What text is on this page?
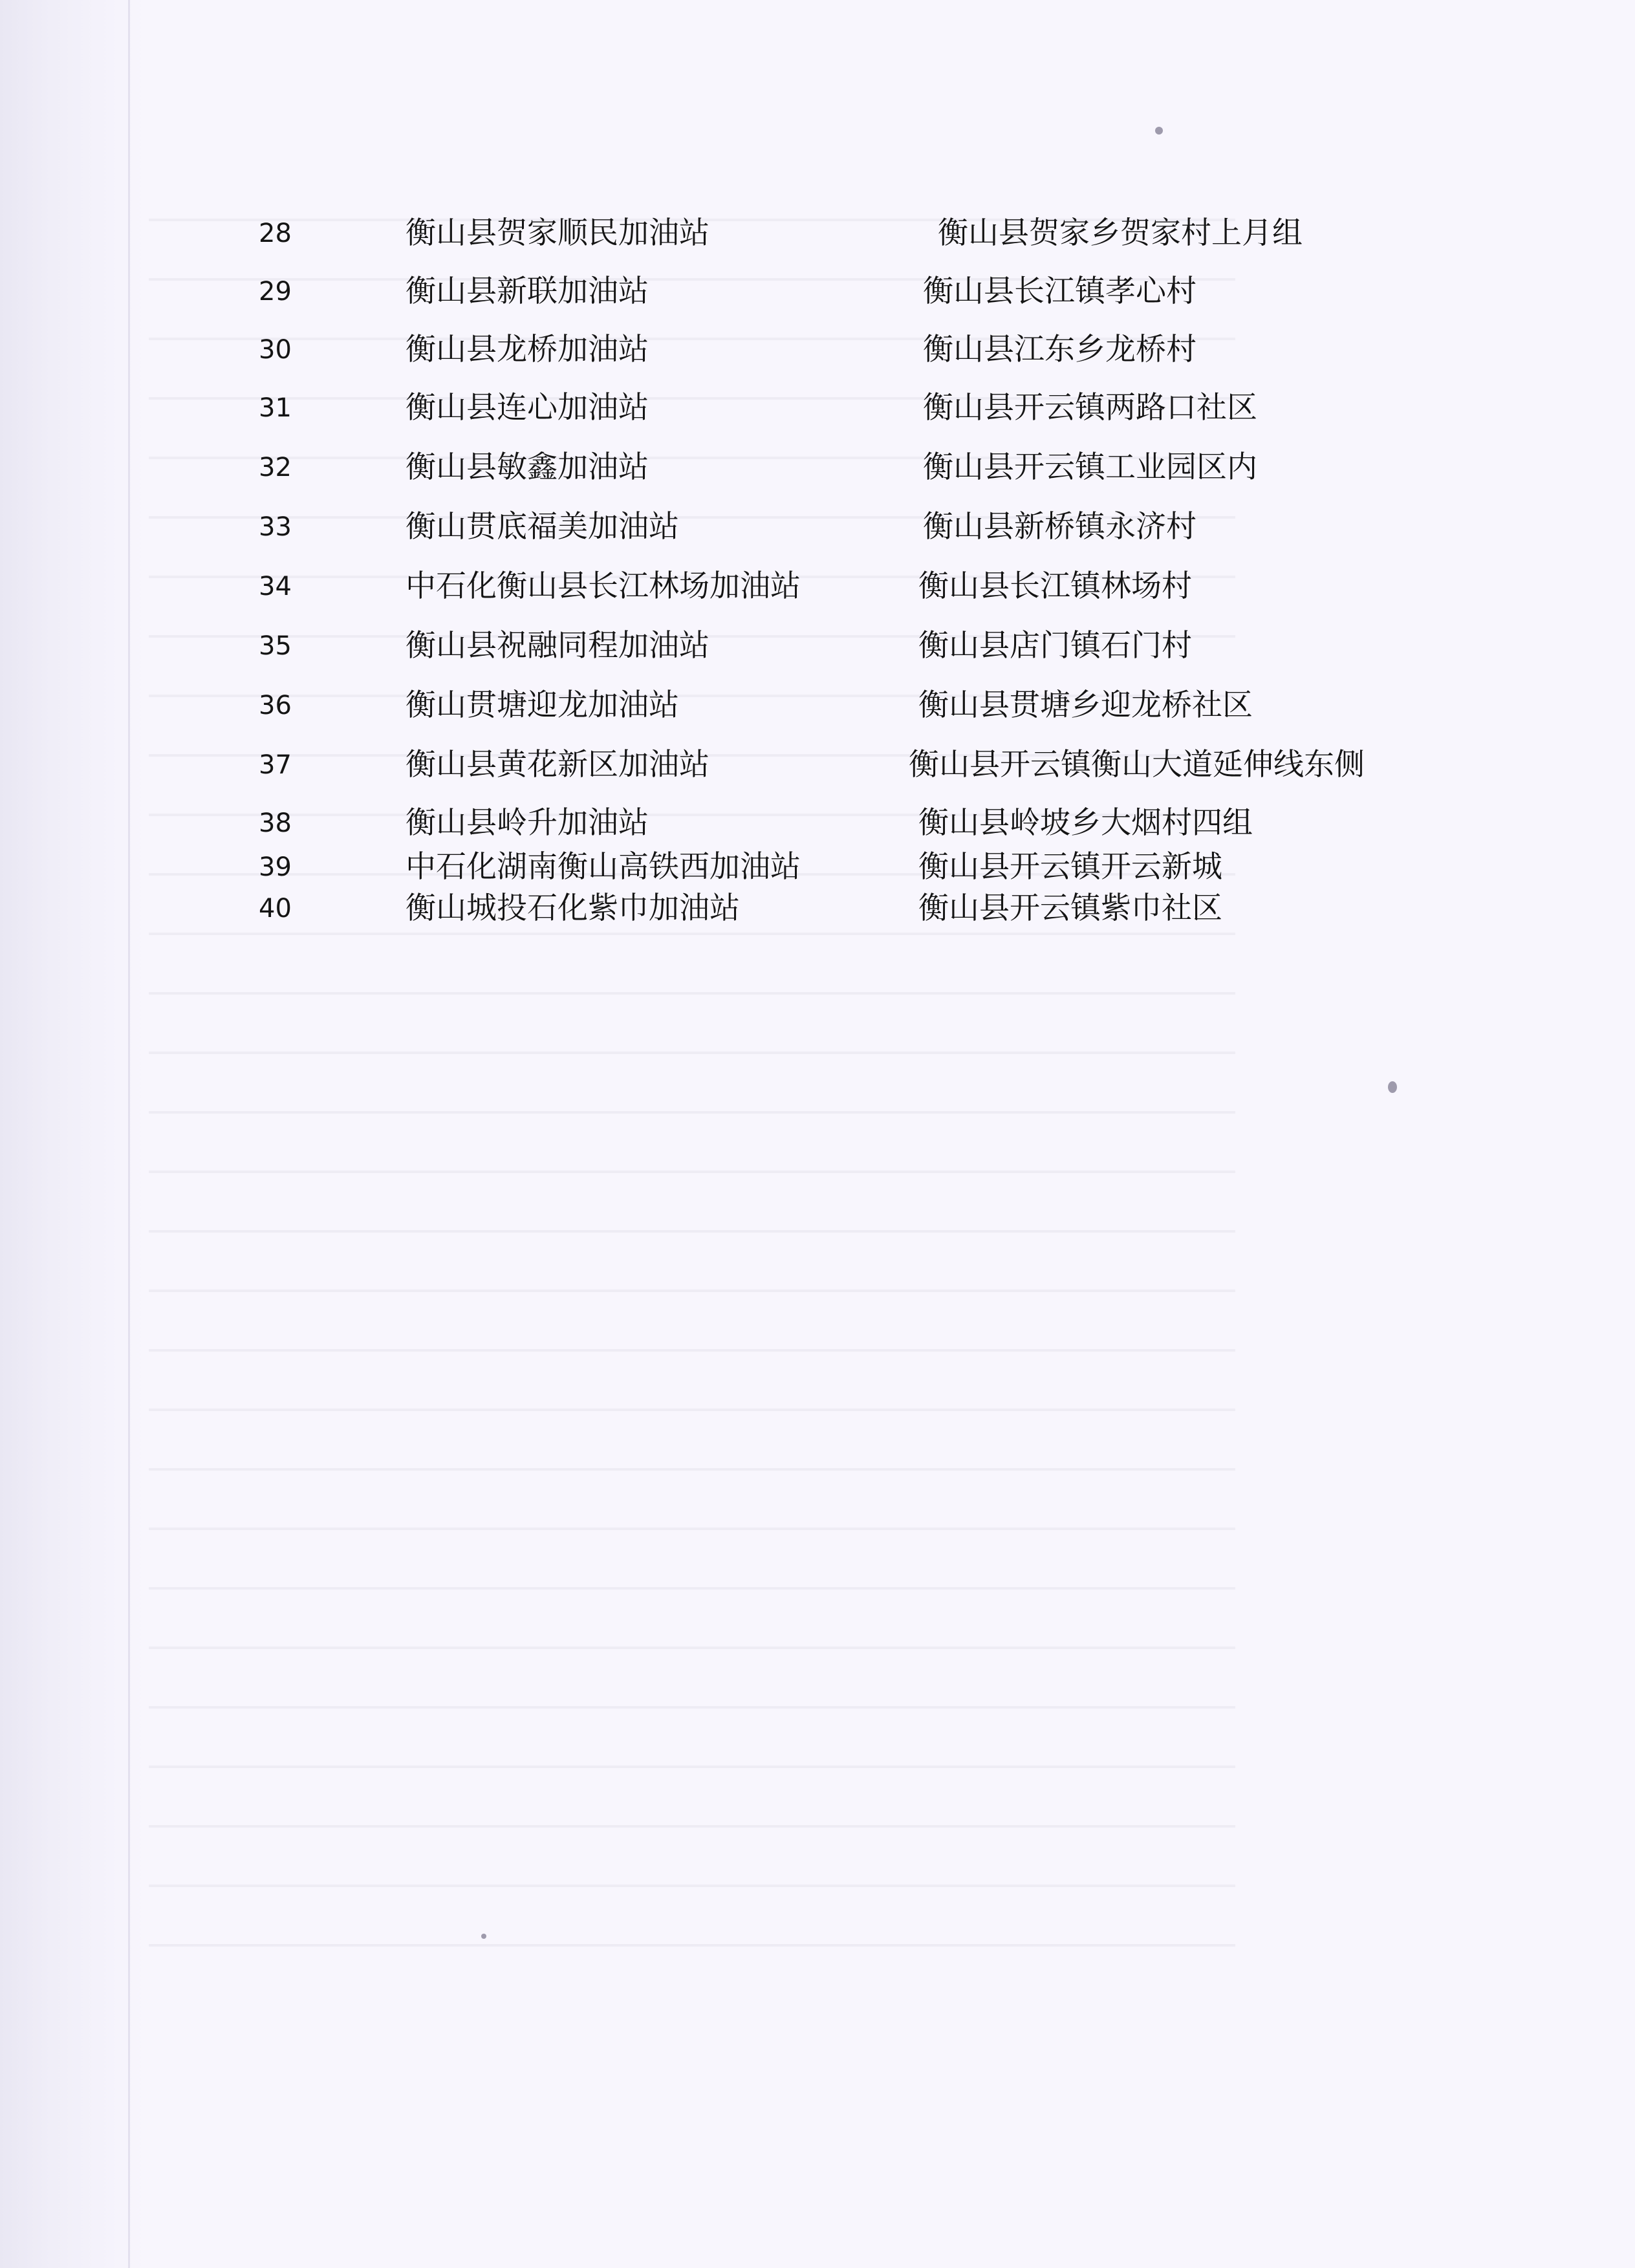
28	衡山县贺家顺民加油站	衡山县贺家乡贺家村上月组
29	衡山县新联加油站	衡山县长江镇孝心村
30	衡山县龙桥加油站	衡山县江东乡龙桥村
31	衡山县连心加油站	衡山县开云镇两路口社区
32	衡山县敏鑫加油站	衡山县开云镇工业园区内
33	衡山贯底福美加油站	衡山县新桥镇永济村
34	中石化衡山县长江林场加油站	衡山县长江镇林场村
35	衡山县祝融同程加油站	衡山县店门镇石门村
36	衡山贯塘迎龙加油站	衡山县贯塘乡迎龙桥社区
37	衡山县黄花新区加油站	衡山县开云镇衡山大道延伸线东侧
38	衡山县岭升加油站	衡山县岭坡乡大烟村四组
39	中石化湖南衡山高铁西加油站	衡山县开云镇开云新城
40	衡山城投石化紫巾加油站	衡山县开云镇紫巾社区
